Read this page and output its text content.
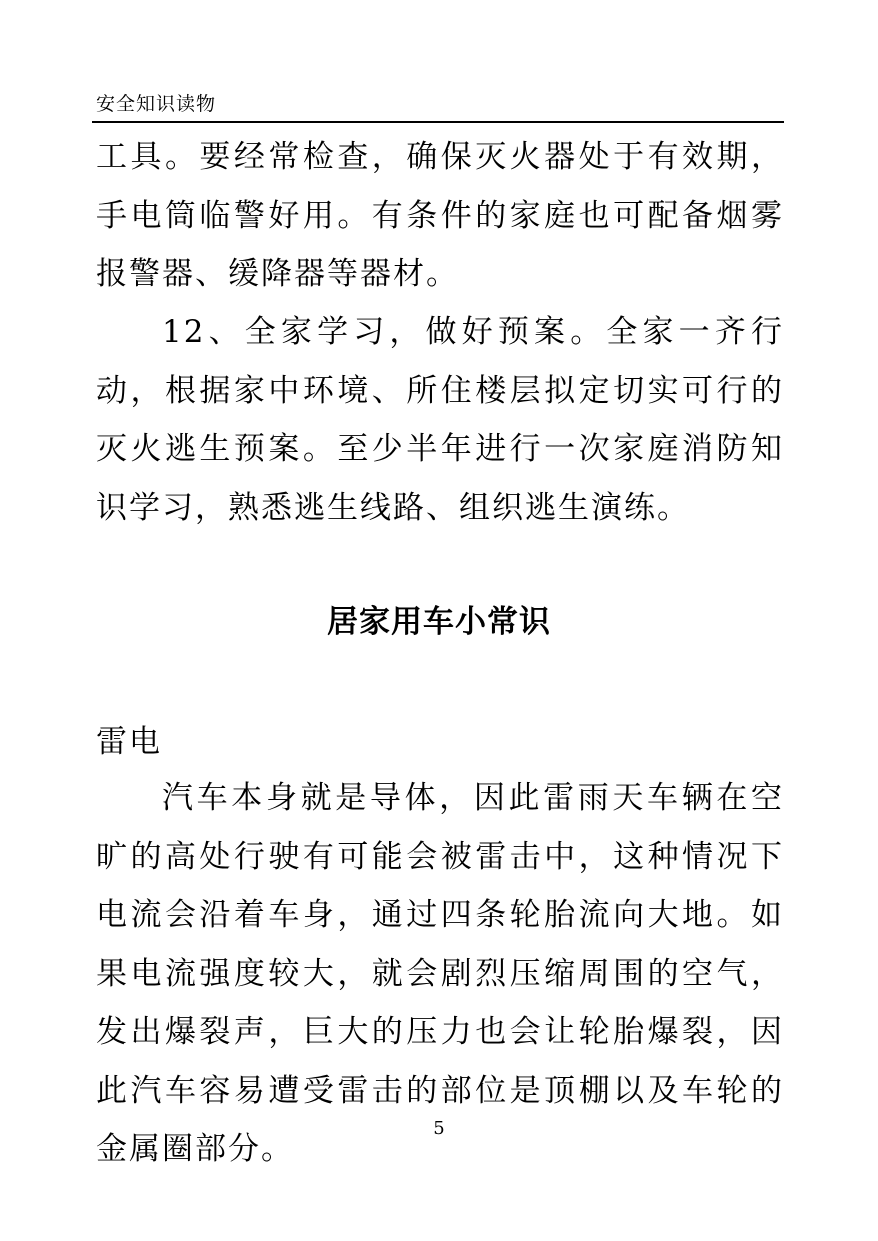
安全知识读物
工具。要经常检查，确保灭火器处于有效期，手电筒临警好用。有条件的家庭也可配备烟雾报警器、缓降器等器材。
12、全家学习，做好预案。全家一齐行动，根据家中环境、所住楼层拟定切实可行的灭火逃生预案。至少半年进行一次家庭消防知识学习，熟悉逃生线路、组织逃生演练。
居家用车小常识
雷电
汽车本身就是导体，因此雷雨天车辆在空旷的高处行驶有可能会被雷击中，这种情况下电流会沿着车身，通过四条轮胎流向大地。如果电流强度较大，就会剧烈压缩周围的空气，发出爆裂声，巨大的压力也会让轮胎爆裂，因此汽车容易遭受雷击的部位是顶棚以及车轮的金属圈部分。
5
